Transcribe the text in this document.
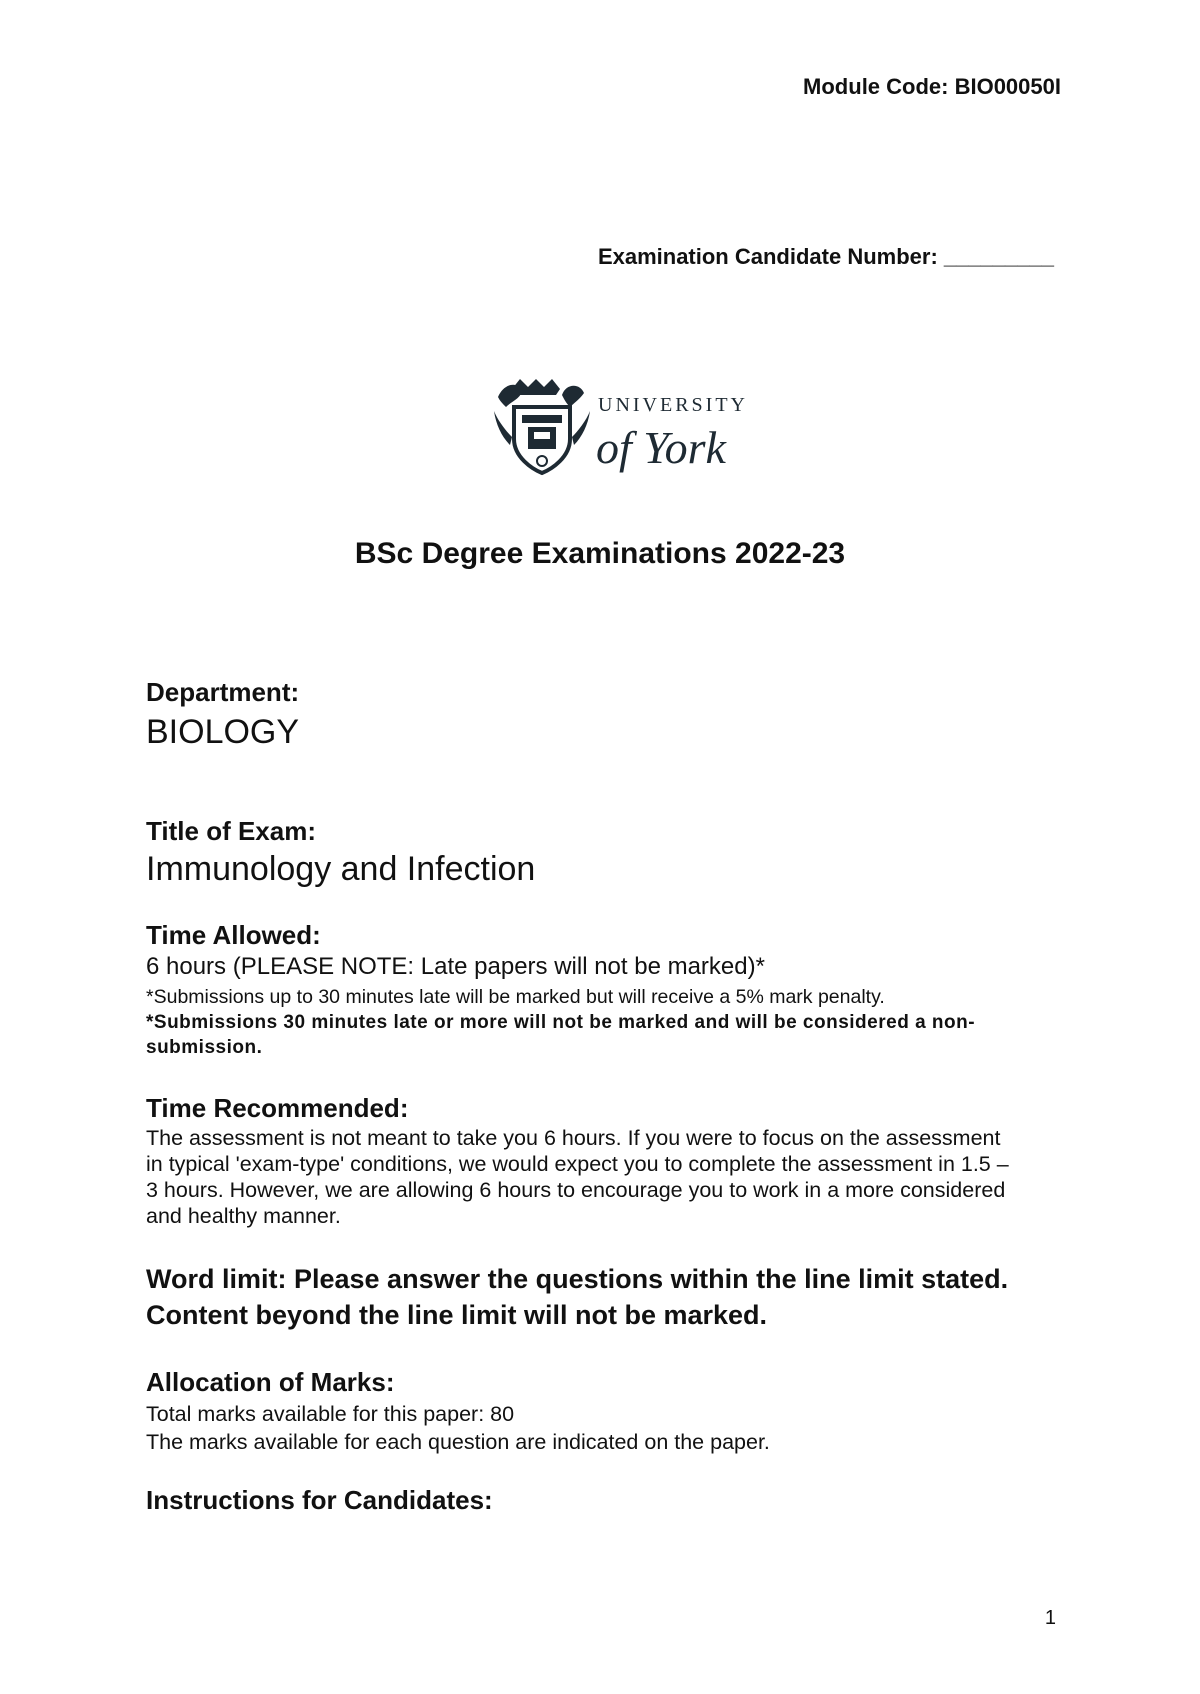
Module Code: BIO00050I
Examination Candidate Number: _________
UNIVERSITY
of York
BSc Degree Examinations 2022-23
Department:
BIOLOGY
Title of Exam:
Immunology and Infection
Time Allowed:
6 hours (PLEASE NOTE: Late papers will not be marked)*
*Submissions up to 30 minutes late will be marked but will receive a 5% mark penalty. *Submissions 30 minutes late or more will not be marked and will be considered a non-submission.
Time Recommended:
The assessment is not meant to take you 6 hours. If you were to focus on the assessment in typical 'exam-type' conditions, we would expect you to complete the assessment in 1.5 – 3 hours. However, we are allowing 6 hours to encourage you to work in a more considered and healthy manner.
Word limit: Please answer the questions within the line limit stated. Content beyond the line limit will not be marked.
Allocation of Marks:
Total marks available for this paper: 80
The marks available for each question are indicated on the paper.
Instructions for Candidates:
1
